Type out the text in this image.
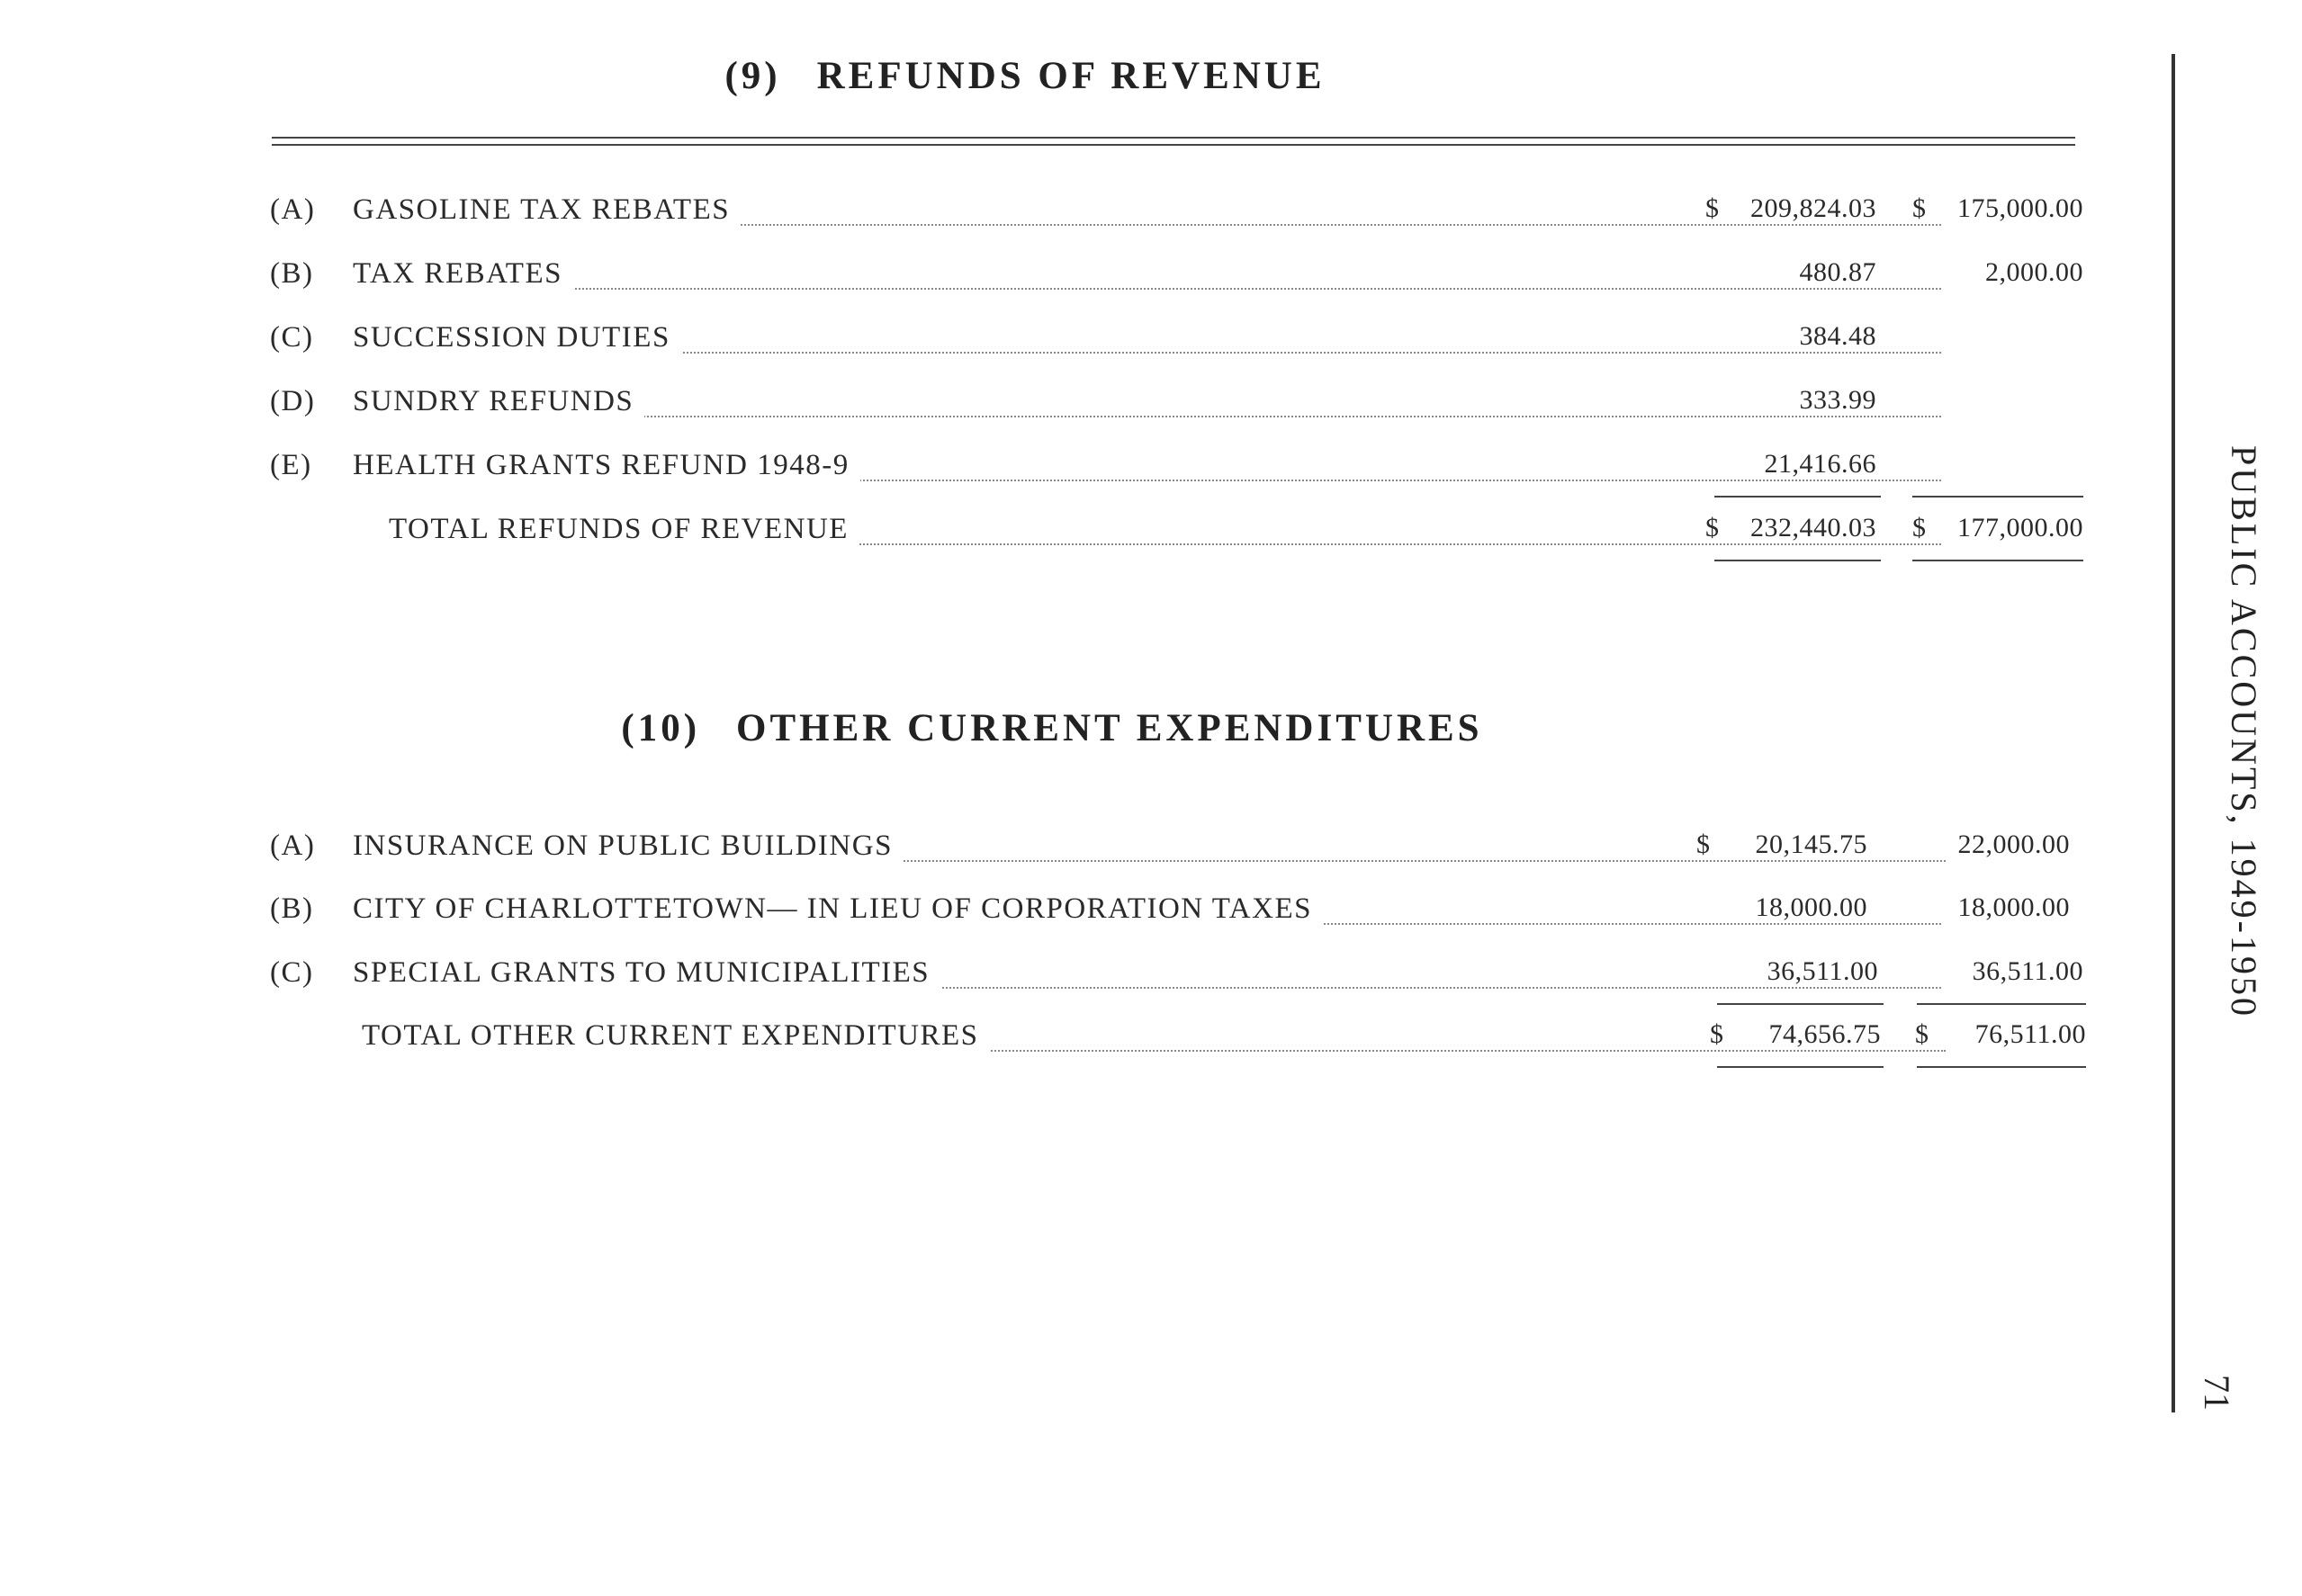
(9) REFUNDS OF REVENUE
(A)	GASOLINE TAX REBATES	$	209,824.03 $	175,000.00
(B)	TAX REBATES	480.87	2,000.00
(C)	SUCCESSION DUTIES	384.48
(D)	SUNDRY REFUNDS	333.99
(E)	HEALTH GRANTS REFUND 1948-9	21,416.66
TOTAL REFUNDS OF REVENUE	$	232,440.03 $	177,000.00
(10) OTHER CURRENT EXPENDITURES
(A)	INSURANCE ON PUBLIC BUILDINGS	$	20,145.75	22,000.00
(B)	CITY OF CHARLOTTETOWN— IN LIEU OF CORPORATION TAXES	18,000.00	18,000.00
(C)	SPECIAL GRANTS TO MUNICIPALITIES	36,511.00	36,511.00
TOTAL OTHER CURRENT EXPENDITURES	$	74,656.75 $	76,511.00
PUBLIC ACCOUNTS, 1949-1950
71
